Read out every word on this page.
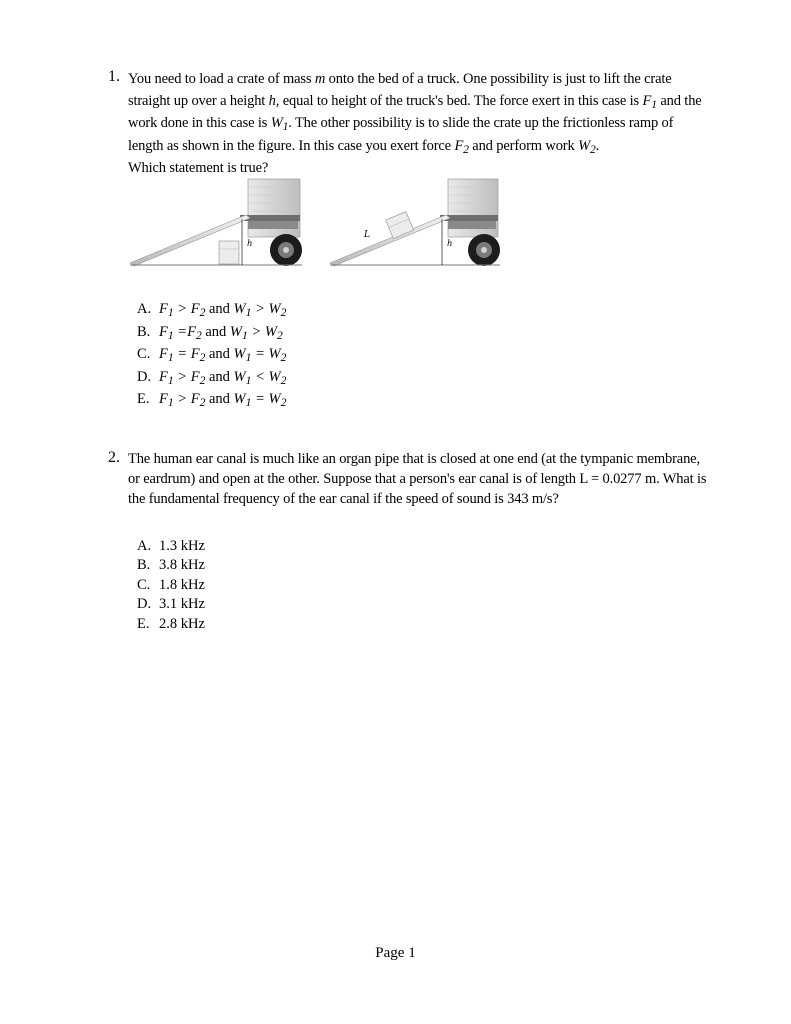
1. You need to load a crate of mass m onto the bed of a truck. One possibility is just to lift the crate straight up over a height h, equal to height of the truck's bed. The force exert in this case is $F_1$ and the work done in this case is $W_1$. The other possibility is to slide the crate up the frictionless ramp of length as shown in the figure. In this case you exert force $F_2$ and perform work $W_2$.
Which statement is true?
h
L
h
A. $F_1 > F_2$ and $W_1 > W_2$
B. $F_1 =F_2$ and $W_1 > W_2$
C. $F_1 = F_2$ and $W_1 = W_2$
D. $F_1 > F_2$ and $W_1 < W_2$
E. $F_1 > F_2$ and $W_1 = W_2$
2. The human ear canal is much like an organ pipe that is closed at one end (at the tympanic membrane, or eardrum) and open at the other. Suppose that a person's ear canal is of length L = 0.0277 m. What is the fundamental frequency of the ear canal if the speed of sound is 343 m/s?
A. 1.3 kHz
B. 3.8 kHz
C. 1.8 kHz
D. 3.1 kHz
E. 2.8 kHz
Page 1
